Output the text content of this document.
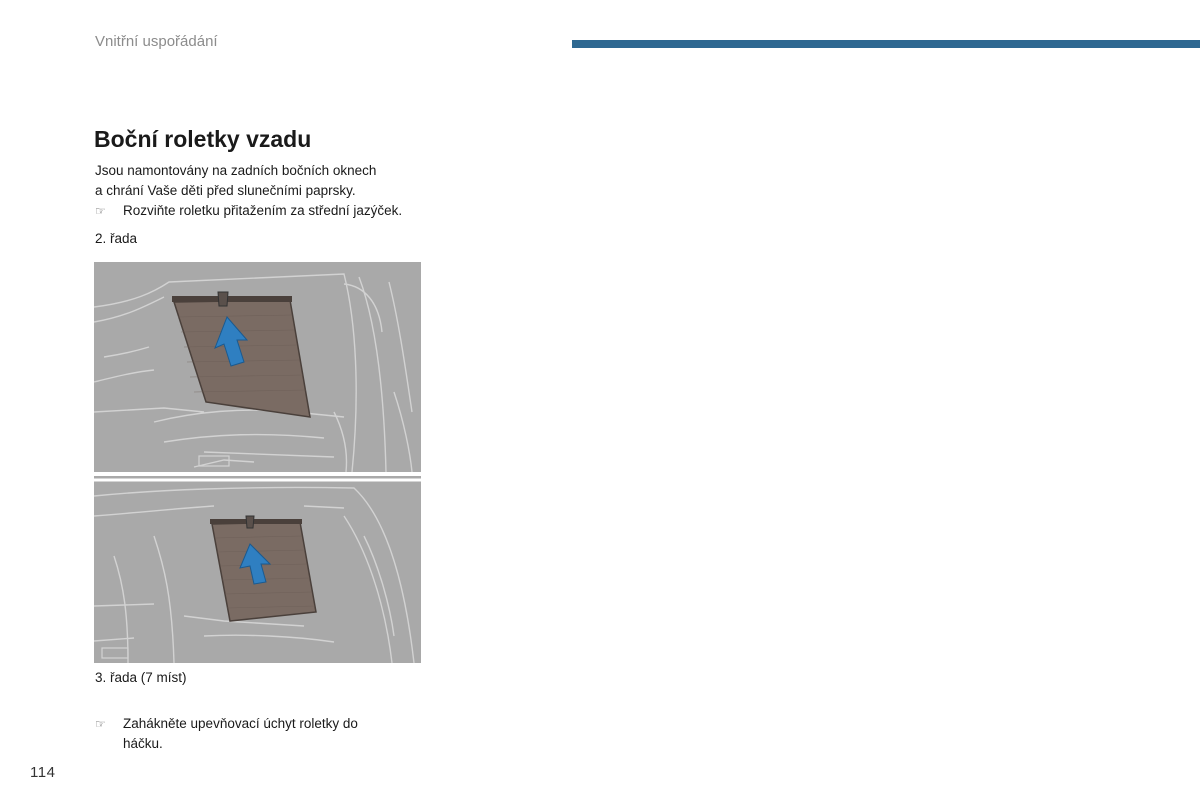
Vnitřní uspořádání
Boční roletky vzadu

Jsou namontovány na zadních bočních oknech
a chrání Vaše děti před slunečními paprsky.

☞	Rozviňte roletku přitažením za střední jazýček.

2. řada

3. řada (7 míst)

☞	Zahákněte upevňovací úchyt roletky do
háčku.

114
